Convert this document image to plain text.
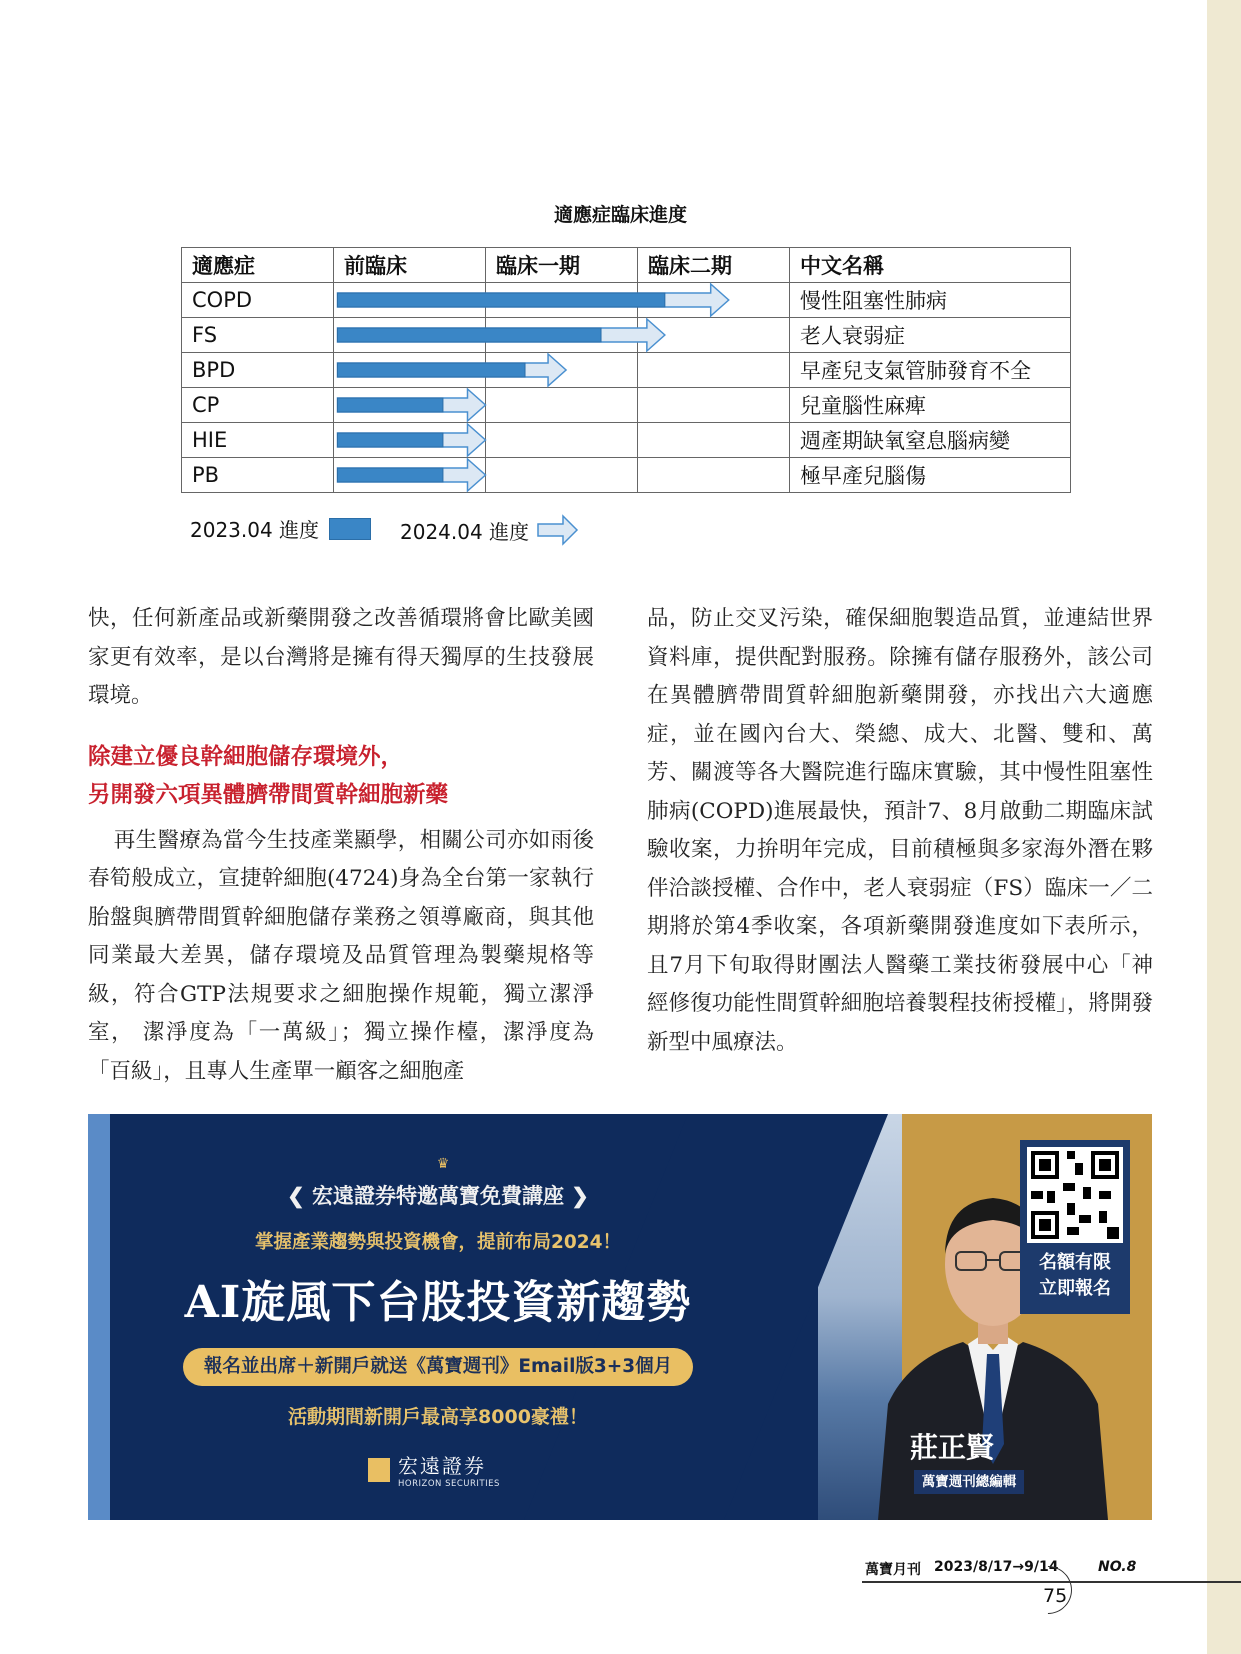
適應症臨床進度
適應症	前臨床	臨床一期	臨床二期	中文名稱
COPD				慢性阻塞性肺病
FS				老人衰弱症
BPD				早產兒支氣管肺發育不全
CP				兒童腦性麻痺
HIE				週產期缺氧窒息腦病變
PB				極早產兒腦傷
2023.04 進度	2024.04 進度

快，任何新產品或新藥開發之改善循環將會比歐美國家更有效率，是以台灣將是擁有得天獨厚的生技發展環境。

除建立優良幹細胞儲存環境外，
另開發六項異體臍帶間質幹細胞新藥

再生醫療為當今生技產業顯學，相關公司亦如雨後春筍般成立，宣捷幹細胞(4724)身為全台第一家執行胎盤與臍帶間質幹細胞儲存業務之領導廠商，與其他同業最大差異，儲存環境及品質管理為製藥規格等級，符合GTP法規要求之細胞操作規範，獨立潔淨室， 潔淨度為「一萬級」；獨立操作檯，潔淨度為「百級」，且專人生產單一顧客之細胞產

品，防止交叉污染，確保細胞製造品質，並連結世界資料庫，提供配對服務。除擁有儲存服務外，該公司在異體臍帶間質幹細胞新藥開發，亦找出六大適應症，並在國內台大、榮總、成大、北醫、雙和、萬芳、關渡等各大醫院進行臨床實驗，其中慢性阻塞性肺病(COPD)進展最快，預計7、8月啟動二期臨床試驗收案，力拚明年完成，目前積極與多家海外潛在夥伴洽談授權、合作中，老人衰弱症（FS）臨床一／二期將於第4季收案，各項新藥開發進度如下表所示，且7月下旬取得財團法人醫藥工業技術發展中心「神經修復功能性間質幹細胞培養製程技術授權」，將開發新型中風療法。

♛
❮ 宏遠證券特邀萬寶免費講座 ❯
掌握產業趨勢與投資機會，提前布局2024！
AI旋風下台股投資新趨勢
報名並出席＋新開戶就送《萬寶週刊》Email版3+3個月
活動期間新開戶最高享8000豪禮！
宏遠證券
HORIZON SECURITIES
莊正賢
萬寶週刊總編輯
名額有限
立即報名
萬寶月刊 2023/8/17→9/14	NO.8
75
